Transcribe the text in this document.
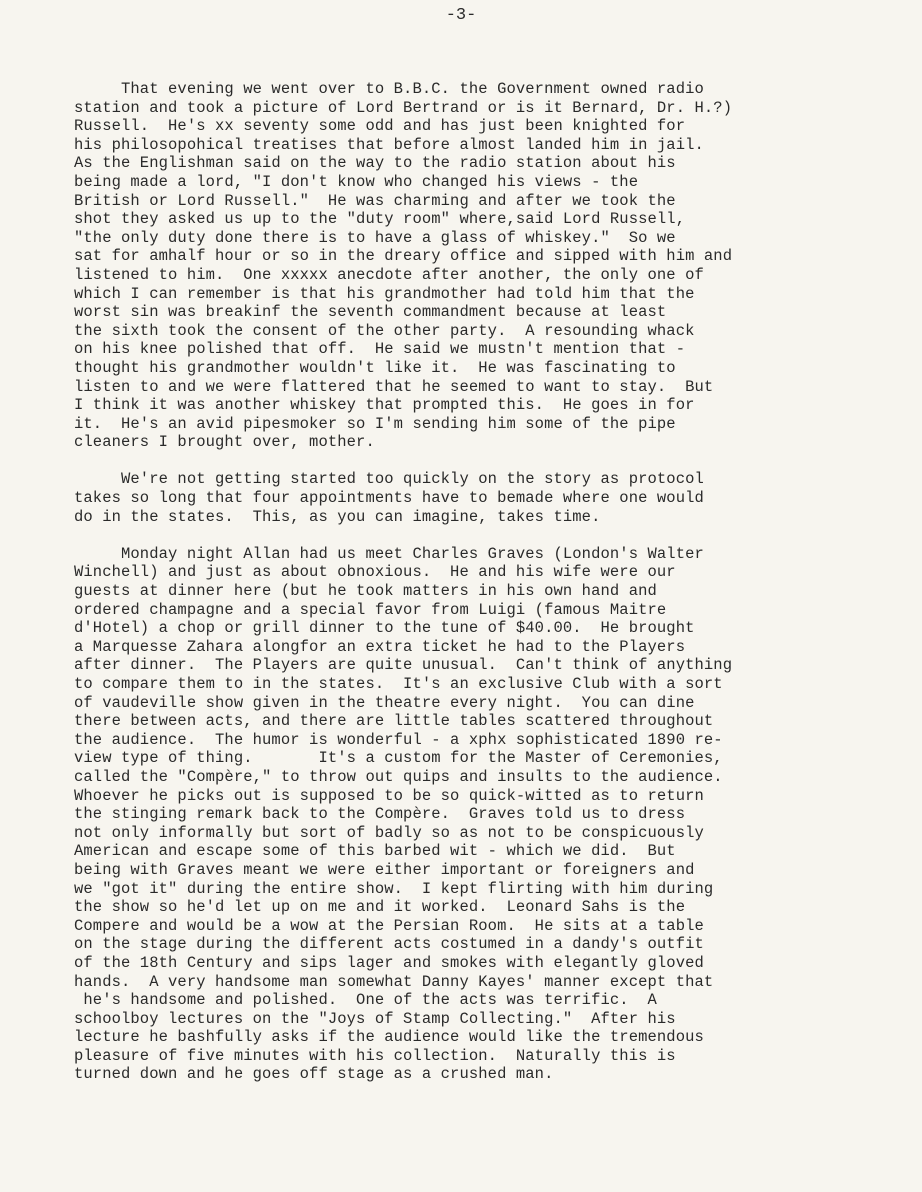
-3-
That evening we went over to B.B.C. the Government owned radio
station and took a picture of Lord Bertrand or is it Bernard, Dr. H.?)
Russell.  He's xx seventy some odd and has just been knighted for
his philosopohical treatises that before almost landed him in jail.
As the Englishman said on the way to the radio station about his
being made a lord, "I don't know who changed his views - the
British or Lord Russell."  He was charming and after we took the
shot they asked us up to the "duty room" where,said Lord Russell,
"the only duty done there is to have a glass of whiskey."  So we
sat for amhalf hour or so in the dreary office and sipped with him and
listened to him.  One xxxxx anecdote after another, the only one of
which I can remember is that his grandmother had told him that the
worst sin was breakinf the seventh commandment because at least
the sixth took the consent of the other party.  A resounding whack
on his knee polished that off.  He said we mustn't mention that -
thought his grandmother wouldn't like it.  He was fascinating to
listen to and we were flattered that he seemed to want to stay.  But
I think it was another whiskey that prompted this.  He goes in for
it.  He's an avid pipesmoker so I'm sending him some of the pipe
cleaners I brought over, mother.
We're not getting started too quickly on the story as protocol
takes so long that four appointments have to bemade where one would
do in the states.  This, as you can imagine, takes time.
Monday night Allan had us meet Charles Graves (London's Walter
Winchell) and just as about obnoxious.  He and his wife were our
guests at dinner here (but he took matters in his own hand and
ordered champagne and a special favor from Luigi (famous Maitre
d'Hotel) a chop or grill dinner to the tune of $40.00.  He brought
a Marquesse Zahara alongfor an extra ticket he had to the Players
after dinner.  The Players are quite unusual.  Can't think of anything
to compare them to in the states.  It's an exclusive Club with a sort
of vaudeville show given in the theatre every night.  You can dine
there between acts, and there are little tables scattered throughout
the audience.  The humor is wonderful - a xphx sophisticated 1890 re-
view type of thing.       It's a custom for the Master of Ceremonies,
called the "Compère," to throw out quips and insults to the audience.
Whoever he picks out is supposed to be so quick-witted as to return
the stinging remark back to the Compère.  Graves told us to dress
not only informally but sort of badly so as not to be conspicuously
American and escape some of this barbed wit - which we did.  But
being with Graves meant we were either important or foreigners and
we "got it" during the entire show.  I kept flirting with him during
the show so he'd let up on me and it worked.  Leonard Sahs is the
Compere and would be a wow at the Persian Room.  He sits at a table
on the stage during the different acts costumed in a dandy's outfit
of the 18th Century and sips lager and smokes with elegantly gloved
hands.  A very handsome man somewhat Danny Kayes' manner except that
he's handsome and polished.  One of the acts was terrific.  A
schoolboy lectures on the "Joys of Stamp Collecting."  After his
lecture he bashfully asks if the audience would like the tremendous
pleasure of five minutes with his collection.  Naturally this is
turned down and he goes off stage as a crushed man.
